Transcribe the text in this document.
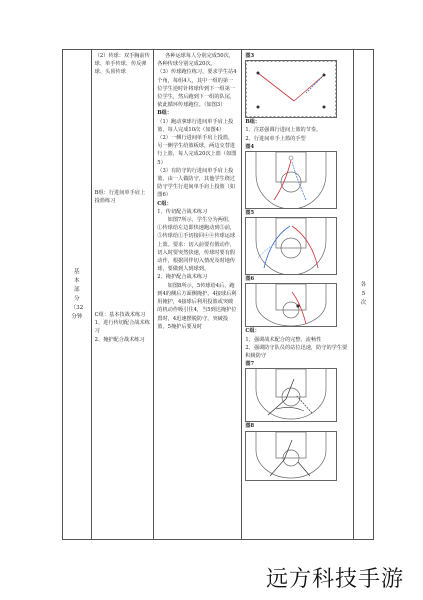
基
本
部
分
（32
分钟

（2）传球：双手胸前传球、单手传球、传反弹球、头顶传球
B组：行进间单手肩上投篮练习
C组：基本技战术练习
1、进行传切配合战术练习
2、掩护配合战术练习

各种运球每人分别完成50次，各种传球分别完成20次。
（3）传球跑位练习，要求学生站4个角，每组4人，其中一组的第一位学生逆时针将球传到下一组第一位学生，然后跑到下一组的队尾，依此循环传球跑位。（如图3）
B组：
（1）跑动拿球行进间单手肩上投篮，每人完成10次（如图4）
（2）一侧行进间单手肩上投篮，另一侧学生给篮板球，两边交替进行上篮，每人完成20次上篮（如图5）
（3）有防守的行进间单手肩上投篮，由一人做防守，其他学生绕过防守学生行进间单手肩上投篮（如图6）
C组：
1、传切配合战术练习
如图7所示，学生分为两组，①传球给左边即快速跑动到⑤前，⑤传球给①手切接回④④传球运球上篮。要求：切入前要有假动作，切入时要突然快速，传球时要有假动作，根据同伴切入情况及时地传球，要做到人到球到。
2、掩护配合战术练习
如图8所示，5传球给4后，跑到4的侧后方面侧掩护，4接球后利用掩护，4接球后利用投篮或突破的机动作吸引住4，当5到达掩护位置时，4迅速摆脱防守，突破投篮，5掩护后要及时

图3
B组：
1、注意强调行进间上篮的节奏。
2、行进间单手上篮的手型
图4
图5
图6
C组：
1、强调战术配合的完整、流畅性
2、强调防守队员的站位迅速，防守的学生要积极防守
图7
图8

各
5
次
远方科技手游
